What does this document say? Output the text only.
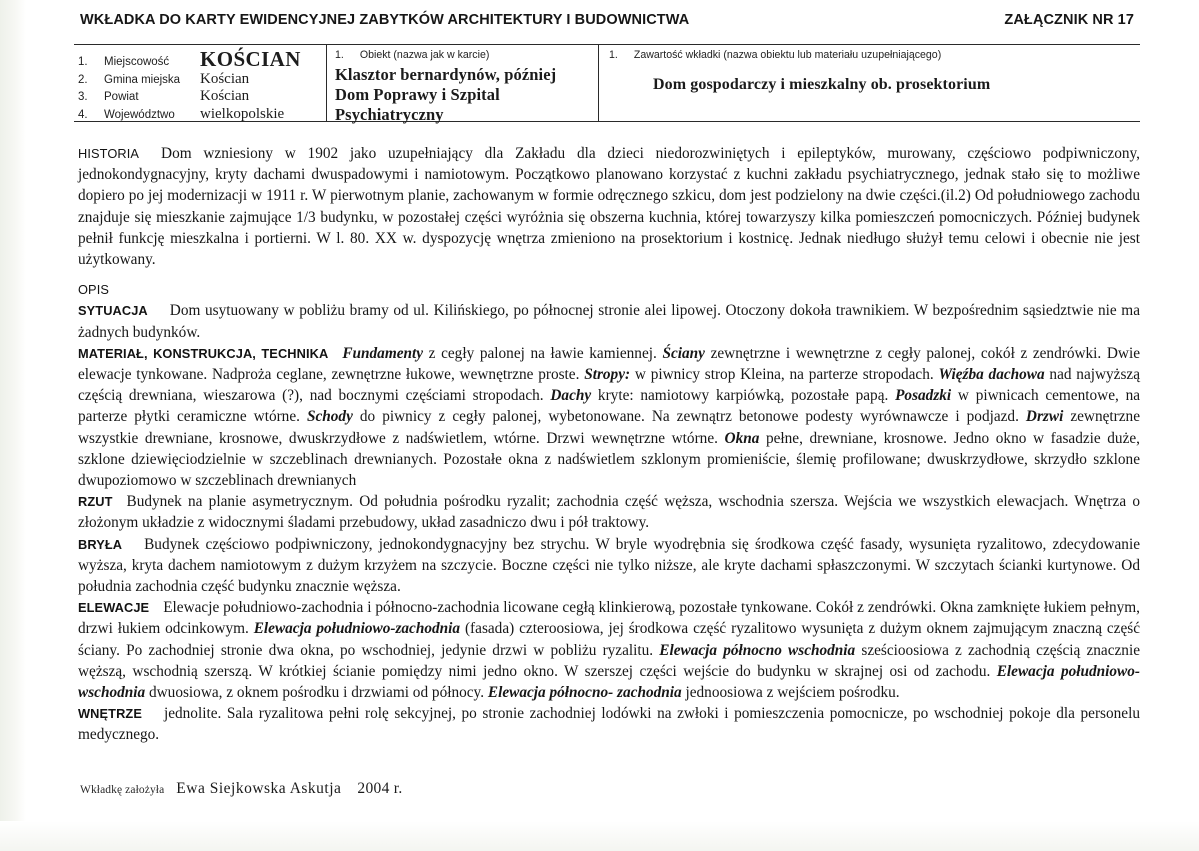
WKŁADKA DO KARTY EWIDENCYJNEJ ZABYTKÓW ARCHITEKTURY I BUDOWNICTWA	ZAŁĄCZNIK NR 17
1.	Miejscowość	KOŚCIAN
2.	Gmina miejska	Kościan
3.	Powiat	Kościan
4.	Województwo	wielkopolskie
1. Obiekt (nazwa jak w karcie)
Klasztor bernardynów, później Dom Poprawy i Szpital Psychiatryczny
1. Zawartość wkładki (nazwa obiektu lub materiału uzupełniającego)
Dom gospodarczy i mieszkalny ob. prosektorium

HISTORIA Dom wzniesiony w 1902 jako uzupełniający dla Zakładu dla dzieci niedorozwiniętych i epileptyków, murowany, częściowo podpiwniczony, jednokondygnacyjny, kryty dachami dwuspadowymi i namiotowym. Początkowo planowano korzystać z kuchni zakładu psychiatrycznego, jednak stało się to możliwe dopiero po jej modernizacji w 1911 r. W pierwotnym planie, zachowanym w formie odręcznego szkicu, dom jest podzielony na dwie części.(il.2) Od południowego zachodu znajduje się mieszkanie zajmujące 1/3 budynku, w pozostałej części wyróżnia się obszerna kuchnia, której towarzyszy kilka pomieszczeń pomocniczych. Później budynek pełnił funkcję mieszkalna i portierni. W l. 80. XX w. dyspozycję wnętrza zmieniono na prosektorium i kostnicę. Jednak niedługo służył temu celowi i obecnie nie jest użytkowany.

OPIS

SYTUACJA Dom usytuowany w pobliżu bramy od ul. Kilińskiego, po północnej stronie alei lipowej. Otoczony dokoła trawnikiem. W bezpośrednim sąsiedztwie nie ma żadnych budynków.

MATERIAŁ, KONSTRUKCJA, TECHNIKA Fundamenty z cegły palonej na ławie kamiennej. Ściany zewnętrzne i wewnętrzne z cegły palonej, cokół z zendrówki. Dwie elewacje tynkowane. Nadproża ceglane, zewnętrzne łukowe, wewnętrzne proste. Stropy: w piwnicy strop Kleina, na parterze stropodach. Więźba dachowa nad najwyższą częścią drewniana, wieszarowa (?), nad bocznymi częściami stropodach. Dachy kryte: namiotowy karpiówką, pozostałe papą. Posadzki w piwnicach cementowe, na parterze płytki ceramiczne wtórne. Schody do piwnicy z cegły palonej, wybetonowane. Na zewnątrz betonowe podesty wyrównawcze i podjazd. Drzwi zewnętrzne wszystkie drewniane, krosnowe, dwuskrzydłowe z nadświetlem, wtórne. Drzwi wewnętrzne wtórne. Okna pełne, drewniane, krosnowe. Jedno okno w fasadzie duże, szklone dziewięciodzielnie w szczeblinach drewnianych. Pozostałe okna z nadświetlem szklonym promieniście, ślemię profilowane; dwuskrzydłowe, skrzydło szklone dwupoziomowo w szczeblinach drewnianych

RZUT Budynek na planie asymetrycznym. Od południa pośrodku ryzalit; zachodnia część węższa, wschodnia szersza. Wejścia we wszystkich elewacjach. Wnętrza o złożonym układzie z widocznymi śladami przebudowy, układ zasadniczo dwu i pół traktowy.

BRYŁA Budynek częściowo podpiwniczony, jednokondygnacyjny bez strychu. W bryle wyodrębnia się środkowa część fasady, wysunięta ryzalitowo, zdecydowanie wyższa, kryta dachem namiotowym z dużym krzyżem na szczycie. Boczne części nie tylko niższe, ale kryte dachami spłaszczonymi. W szczytach ścianki kurtynowe. Od południa zachodnia część budynku znacznie węższa.

ELEWACJE Elewacje południowo-zachodnia i północno-zachodnia licowane cegłą klinkierową, pozostałe tynkowane. Cokół z zendrówki. Okna zamknięte łukiem pełnym, drzwi łukiem odcinkowym. Elewacja południowo-zachodnia (fasada) czteroosiowa, jej środkowa część ryzalitowo wysunięta z dużym oknem zajmującym znaczną część ściany. Po zachodniej stronie dwa okna, po wschodniej, jedynie drzwi w pobliżu ryzalitu. Elewacja północno wschodnia sześcioosiowa z zachodnią częścią znacznie węższą, wschodnią szerszą. W krótkiej ścianie pomiędzy nimi jedno okno. W szerszej części wejście do budynku w skrajnej osi od zachodu. Elewacja południowo-wschodnia dwuosiowa, z oknem pośrodku i drzwiami od północy. Elewacja północno- zachodnia jednoosiowa z wejściem pośrodku.

WNĘTRZE jednolite. Sala ryzalitowa pełni rolę sekcyjnej, po stronie zachodniej lodówki na zwłoki i pomieszczenia pomocnicze, po wschodniej pokoje dla personelu medycznego.

Wkładkę założyła Ewa Siejkowska Askutja 2004 r.
